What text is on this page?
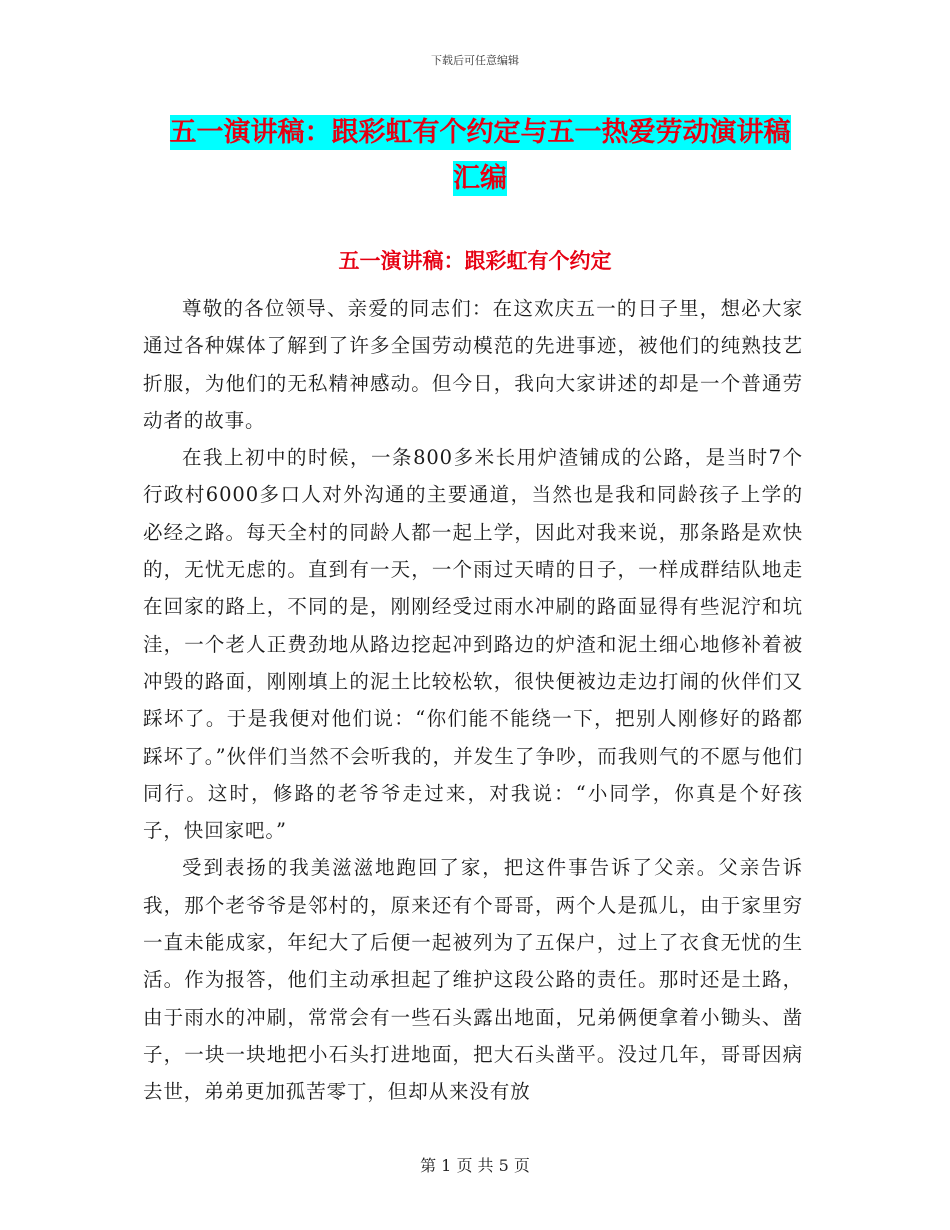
下载后可任意编辑
五一演讲稿：跟彩虹有个约定与五一热爱劳动演讲稿
汇编
五一演讲稿：跟彩虹有个约定

尊敬的各位领导、亲爱的同志们：在这欢庆五一的日子里，想必大家通过各种媒体了解到了许多全国劳动模范的先进事迹，被他们的纯熟技艺折服，为他们的无私精神感动。但今日，我向大家讲述的却是一个普通劳动者的故事。

在我上初中的时候，一条800多米长用炉渣铺成的公路，是当时7个行政村6000多口人对外沟通的主要通道，当然也是我和同龄孩子上学的必经之路。每天全村的同龄人都一起上学，因此对我来说，那条路是欢快的，无忧无虑的。直到有一天，一个雨过天晴的日子，一样成群结队地走在回家的路上，不同的是，刚刚经受过雨水冲刷的路面显得有些泥泞和坑洼，一个老人正费劲地从路边挖起冲到路边的炉渣和泥土细心地修补着被冲毁的路面，刚刚填上的泥土比较松软，很快便被边走边打闹的伙伴们又踩坏了。于是我便对他们说：“你们能不能绕一下，把别人刚修好的路都踩坏了。”伙伴们当然不会听我的，并发生了争吵，而我则气的不愿与他们同行。这时，修路的老爷爷走过来，对我说：“小同学，你真是个好孩子，快回家吧。”

受到表扬的我美滋滋地跑回了家，把这件事告诉了父亲。父亲告诉我，那个老爷爷是邻村的，原来还有个哥哥，两个人是孤儿，由于家里穷一直未能成家，年纪大了后便一起被列为了五保户，过上了衣食无忧的生活。作为报答，他们主动承担起了维护这段公路的责任。那时还是土路，由于雨水的冲刷，常常会有一些石头露出地面，兄弟俩便拿着小锄头、凿子，一块一块地把小石头打进地面，把大石头凿平。没过几年，哥哥因病去世，弟弟更加孤苦零丁，但却从来没有放

第 1 页 共 5 页
